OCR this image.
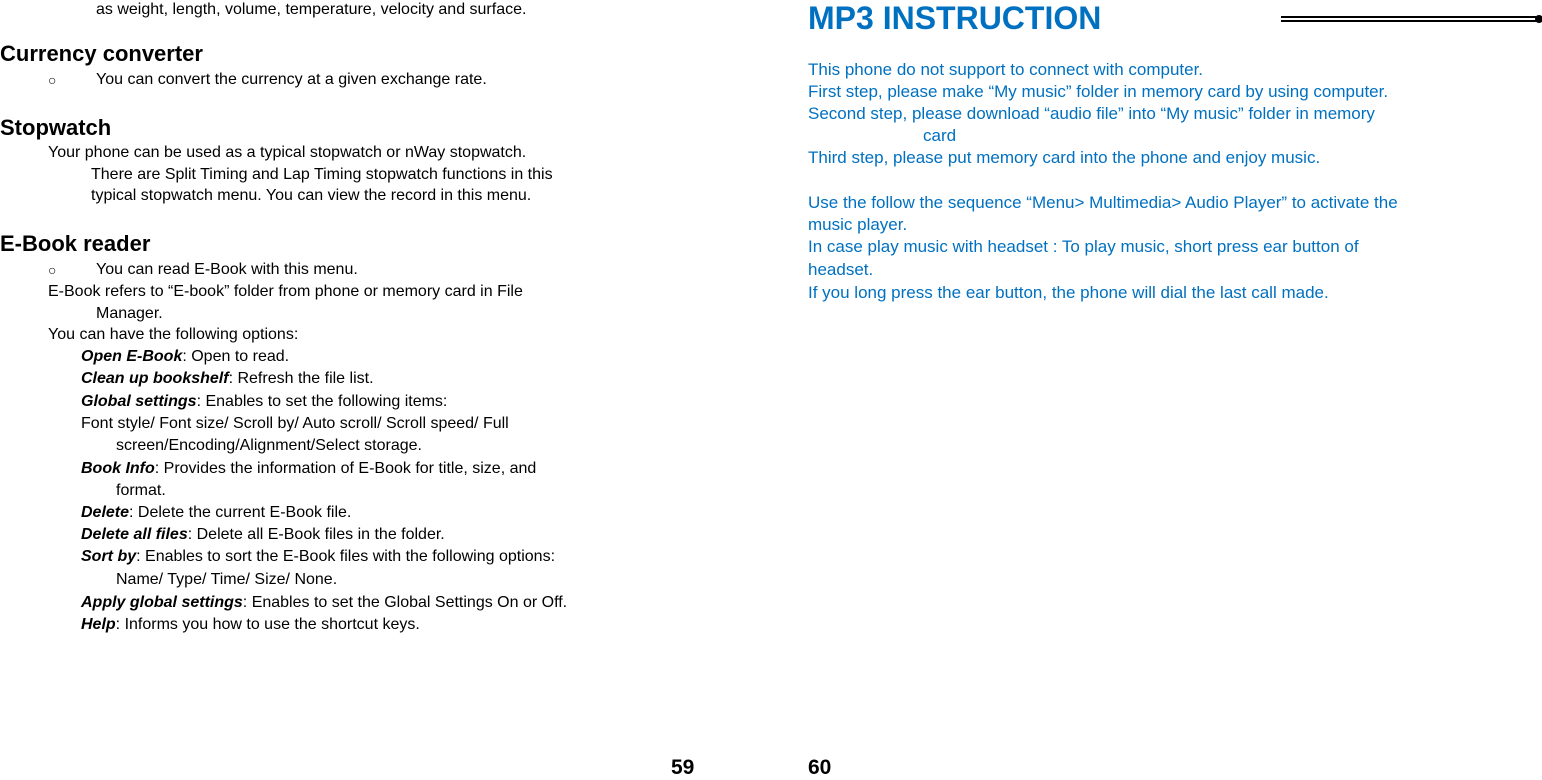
as weight, length, volume, temperature, velocity and surface.
Currency converter
○ You can convert the currency at a given exchange rate.
Stopwatch
Your phone can be used as a typical stopwatch or nWay stopwatch.
There are Split Timing and Lap Timing stopwatch functions in this
typical stopwatch menu. You can view the record in this menu.
E-Book reader
○ You can read E-Book with this menu.
E-Book refers to “E-book” folder from phone or memory card in File
Manager.
You can have the following options:
Open E-Book: Open to read.
Clean up bookshelf: Refresh the file list.
Global settings: Enables to set the following items:
Font style/ Font size/ Scroll by/ Auto scroll/ Scroll speed/ Full
screen/Encoding/Alignment/Select storage.
Book Info: Provides the information of E-Book for title, size, and
format.
Delete: Delete the current E-Book file.
Delete all files: Delete all E-Book files in the folder.
Sort by: Enables to sort the E-Book files with the following options:
Name/ Type/ Time/ Size/ None.
Apply global settings: Enables to set the Global Settings On or Off.
Help: Informs you how to use the shortcut keys.
59
MP3 INSTRUCTION
This phone do not support to connect with computer.
First step, please make “My music” folder in memory card by using computer.
Second step, please download “audio file” into “My music” folder in memory
card
Third step, please put memory card into the phone and enjoy music.
Use the follow the sequence “Menu> Multimedia> Audio Player” to activate the
music player.
In case play music with headset : To play music, short press ear button of
headset.
If you long press the ear button, the phone will dial the last call made.
60
